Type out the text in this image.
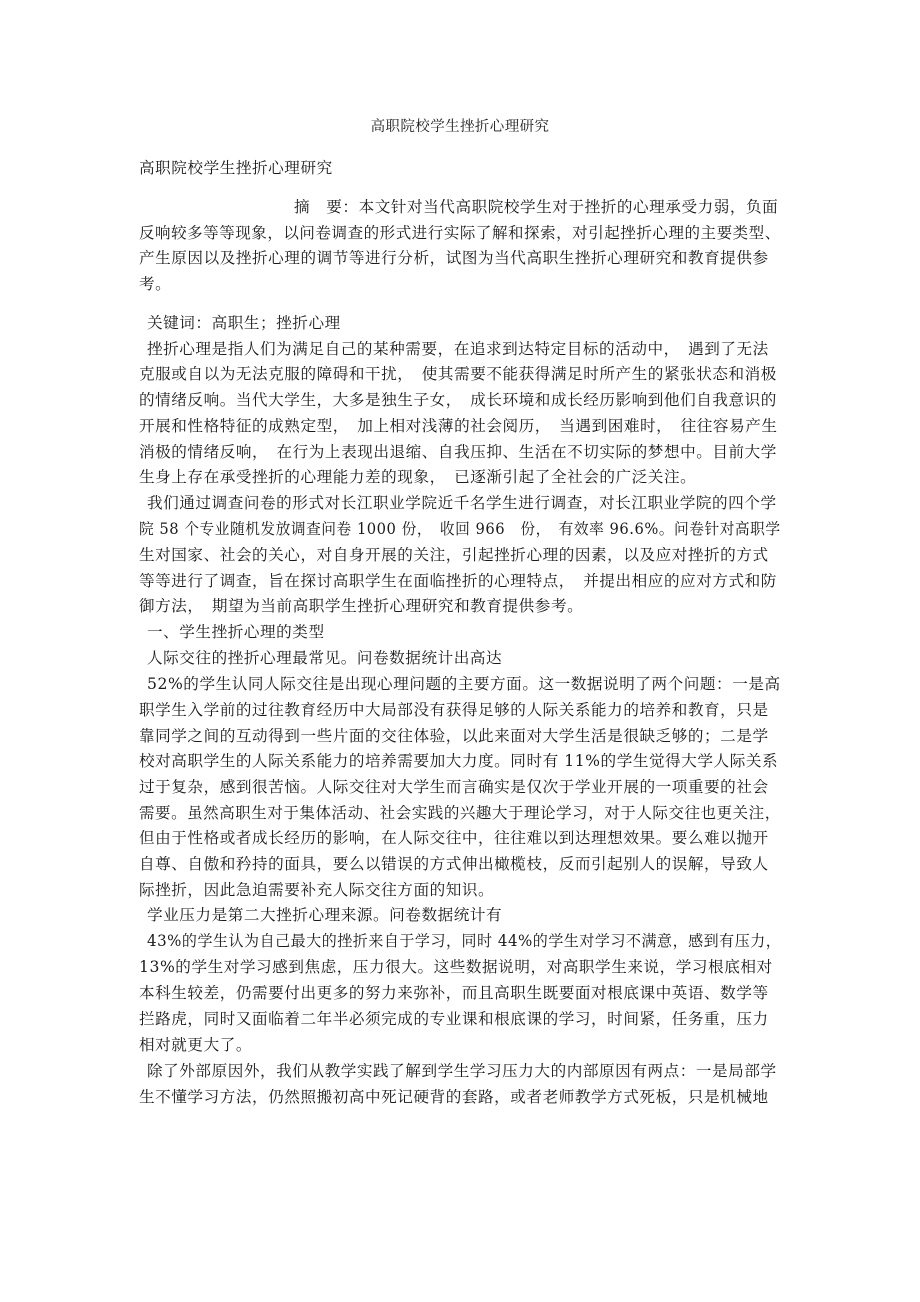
高职院校学生挫折心理研究
高职院校学生挫折心理研究
摘　要：本文针对当代高职院校学生对于挫折的心理承受力弱，负面
反响较多等等现象，以问卷调查的形式进行实际了解和探索，对引起挫折心理的主要类型、
产生原因以及挫折心理的调节等进行分析，试图为当代高职生挫折心理研究和教育提供参
考。
关键词：高职生；挫折心理
挫折心理是指人们为满足自己的某种需要，在追求到达特定目标的活动中，　遇到了无法
克服或自以为无法克服的障碍和干扰，　使其需要不能获得满足时所产生的紧张状态和消极
的情绪反响。当代大学生，大多是独生子女，　成长环境和成长经历影响到他们自我意识的
开展和性格特征的成熟定型，　加上相对浅薄的社会阅历，　当遇到困难时，　往往容易产生
消极的情绪反响，　在行为上表现出退缩、自我压抑、生活在不切实际的梦想中。目前大学
生身上存在承受挫折的心理能力差的现象，　已逐渐引起了全社会的广泛关注。
我们通过调查问卷的形式对长江职业学院近千名学生进行调查，对长江职业学院的四个学
院 58 个专业随机发放调查问卷 1000 份，　收回 966　份，　有效率 96.6%。问卷针对高职学
生对国家、社会的关心，对自身开展的关注，引起挫折心理的因素，以及应对挫折的方式
等等进行了调查，旨在探讨高职学生在面临挫折的心理特点，　并提出相应的应对方式和防
御方法，　期望为当前高职学生挫折心理研究和教育提供参考。
一、学生挫折心理的类型
人际交往的挫折心理最常见。问卷数据统计出高达
52%的学生认同人际交往是出现心理问题的主要方面。这一数据说明了两个问题：一是高
职学生入学前的过往教育经历中大局部没有获得足够的人际关系能力的培养和教育，只是
靠同学之间的互动得到一些片面的交往体验，以此来面对大学生活是很缺乏够的；二是学
校对高职学生的人际关系能力的培养需要加大力度。同时有 11%的学生觉得大学人际关系
过于复杂，感到很苦恼。人际交往对大学生而言确实是仅次于学业开展的一项重要的社会
需要。虽然高职生对于集体活动、社会实践的兴趣大于理论学习，对于人际交往也更关注，
但由于性格或者成长经历的影响，在人际交往中，往往难以到达理想效果。要么难以抛开
自尊、自傲和矜持的面具，要么以错误的方式伸出橄榄枝，反而引起别人的误解，导致人
际挫折，因此急迫需要补充人际交往方面的知识。
学业压力是第二大挫折心理来源。问卷数据统计有
43%的学生认为自己最大的挫折来自于学习，同时 44%的学生对学习不满意，感到有压力，
13%的学生对学习感到焦虑，压力很大。这些数据说明，对高职学生来说，学习根底相对
本科生较差，仍需要付出更多的努力来弥补，而且高职生既要面对根底课中英语、数学等
拦路虎，同时又面临着二年半必须完成的专业课和根底课的学习，时间紧，任务重，压力
相对就更大了。
除了外部原因外，我们从教学实践了解到学生学习压力大的内部原因有两点：一是局部学
生不懂学习方法，仍然照搬初高中死记硬背的套路，或者老师教学方式死板，只是机械地
